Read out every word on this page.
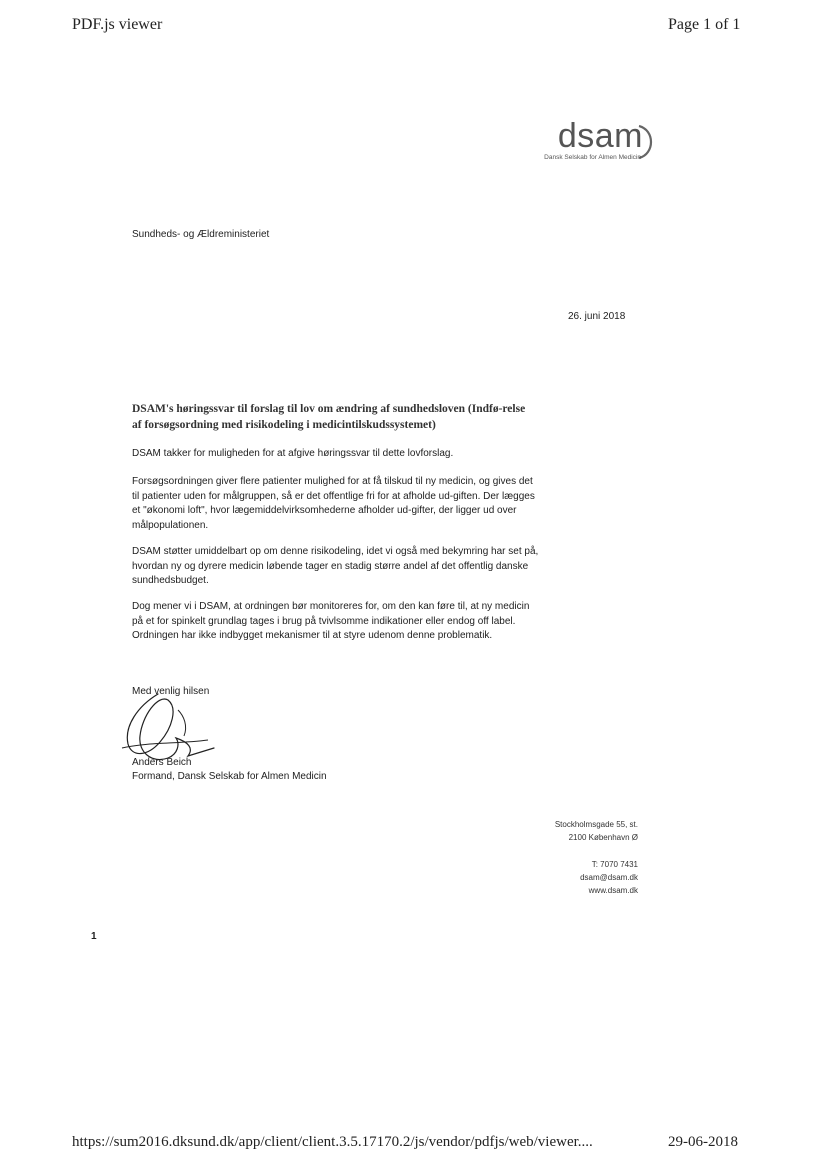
PDF.js viewer	Page 1 of 1
dsam
Dansk Selskab for Almen Medicin
Sundheds- og Ældreministeriet
26. juni 2018
DSAM's høringssvar til forslag til lov om ændring af sundhedsloven (Indfø-relse af forsøgsordning med risikodeling i medicintilskudssystemet)
DSAM takker for muligheden for at afgive høringssvar til dette lovforslag.
Forsøgsordningen giver flere patienter mulighed for at få tilskud til ny medicin, og gives det til patienter uden for målgruppen, så er det offentlige fri for at afholde ud-giften. Der lægges et "økonomi loft", hvor lægemiddelvirksomhederne afholder ud-gifter, der ligger ud over målpopulationen.
DSAM støtter umiddelbart op om denne risikodeling, idet vi også med bekymring har set på, hvordan ny og dyrere medicin løbende tager en stadig større andel af det offentlig danske sundhedsbudget.
Dog mener vi i DSAM, at ordningen bør monitoreres for, om den kan føre til, at ny medicin på et for spinkelt grundlag tages i brug på tvivlsomme indikationer eller endog off label. Ordningen har ikke indbygget mekanismer til at styre udenom denne problematik.
Med venlig hilsen
Anders Beich
Formand, Dansk Selskab for Almen Medicin
Stockholmsgade 55, st.
2100 København Ø
T: 7070 7431
dsam@dsam.dk
www.dsam.dk
1
https://sum2016.dksund.dk/app/client/client.3.5.17170.2/js/vendor/pdfjs/web/viewer....	29-06-2018
